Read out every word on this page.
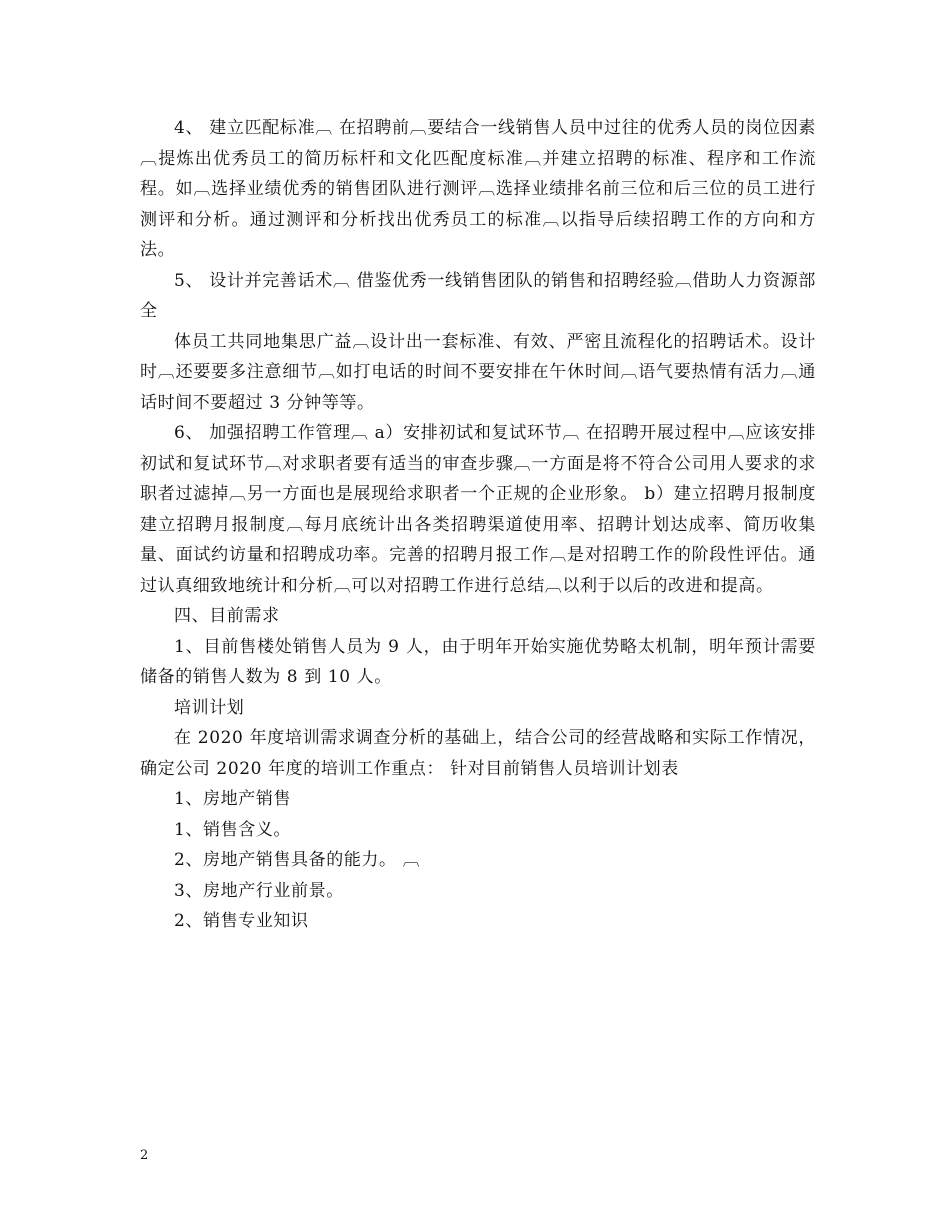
4、 建立匹配标准︹ 在招聘前︹要结合一线销售人员中过往的优秀人员的岗位因素︹提炼出优秀员工的简历标杆和文化匹配度标准︹并建立招聘的标准、程序和工作流程。如︹选择业绩优秀的销售团队进行测评︹选择业绩排名前三位和后三位的员工进行测评和分析。通过测评和分析找出优秀员工的标准︹以指导后续招聘工作的方向和方法。

5、 设计并完善话术︹ 借鉴优秀一线销售团队的销售和招聘经验︹借助人力资源部全

体员工共同地集思广益︹设计出一套标准、有效、严密且流程化的招聘话术。设计时︹还要要多注意细节︹如打电话的时间不要安排在午休时间︹语气要热情有活力︹通话时间不要超过 3 分钟等等。

6、 加强招聘工作管理︹ a）安排初试和复试环节︹ 在招聘开展过程中︹应该安排初试和复试环节︹对求职者要有适当的审查步骤︹一方面是将不符合公司用人要求的求职者过滤掉︹另一方面也是展现给求职者一个正规的企业形象。 b）建立招聘月报制度 建立招聘月报制度︹每月底统计出各类招聘渠道使用率、招聘计划达成率、简历收集量、面试约访量和招聘成功率。完善的招聘月报工作︹是对招聘工作的阶段性评估。通过认真细致地统计和分析︹可以对招聘工作进行总结︹以利于以后的改进和提高。

四、目前需求

1、目前售楼处销售人员为 9 人，由于明年开始实施优势略太机制，明年预计需要储备的销售人数为 8 到 10 人。

培训计划

在 2020 年度培训需求调查分析的基础上，结合公司的经营战略和实际工作情况，确定公司 2020 年度的培训工作重点： 针对目前销售人员培训计划表

1、房地产销售

1、销售含义。

2、房地产销售具备的能力。 ︹

3、房地产行业前景。

2、销售专业知识

2
